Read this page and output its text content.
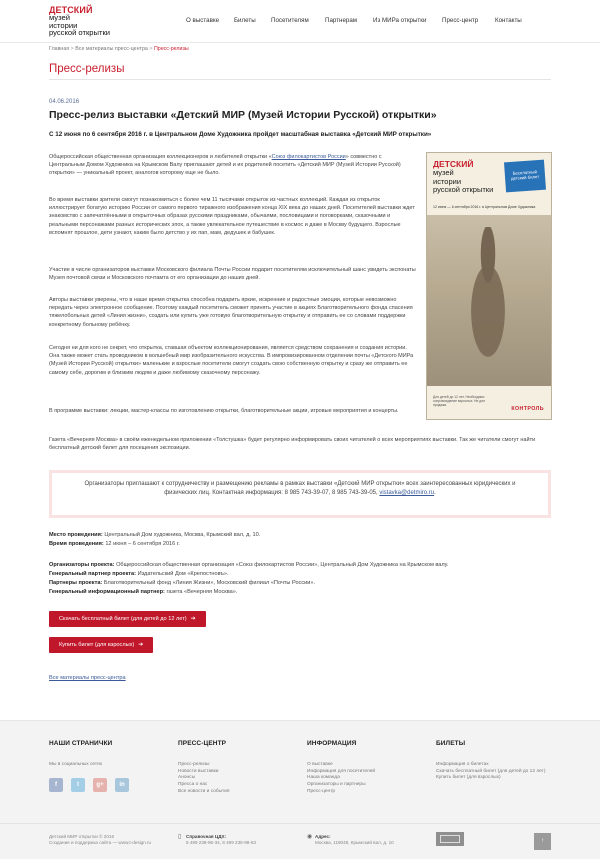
ДЕТСКИЙ
музей
истории
русской открытки
О выставке Билеты Посетителям	Партнерам	Из МИРа открытки	Пресс-центр	Контакты
Главная > Все материалы пресс-центра > Пресс-релизы
Пресс-релизы
04.06.2016
Пресс-релиз выставки «Детский МИР (Музей Истории Русской) открытки»
С 12 июня по 6 сентября 2016 г. в Центральном Доме Художника пройдет масштабная выставка «Детский МИР открытки»
Общероссийская общественная организация коллекционеров и любителей открытки «Союз филокартистов России» совместно с Центральным Домом Художника на Крымском Валу приглашают детей и их родителей посетить «Детский МИР (Музей Истории Русской) открытки» — уникальный проект, аналогов которому еще не было.
Во время выставки зрители смогут познакомиться с более чем 11 тысячами открыток из частных коллекций. Каждая из открыток иллюстрирует богатую историю России от самого первого тиражного изображения конца XIX века до наших дней. Посетителей выставки ждет знакомство с запечатлёнными в открыточных образах русскими праздниками, обычаями, пословицами и поговорками, сказочными и реальными персонажами разных исторических эпох, а также увлекательное путешествие в космос и даже в Москву будущего. Взрослые вспомнят прошлое, дети узнают, каким было детство у их пап, мам, дедушек и бабушек.
Участие в числе организаторов выставки Московского филиала Почты России подарит посетителям исключительный шанс увидеть экспонаты Музея почтовой связи и Московского почтамта от его организации до наших дней.
Авторы выставки уверены, что в наше время открытка способна подарить яркие, искренние и радостные эмоции, которые невозможно передать через электронное сообщение. Поэтому каждый посетитель сможет принять участие в акциях Благотворительного фонда спасения тяжелобольных детей «Линия жизни», создать или купить уже готовую благотворительную открытку и отправить ее со словами поддержки конкретному больному ребёнку.
Сегодня ни для кого не секрет, что открытка, ставшая объектом коллекционирования, является средством сохранения и создания истории. Она также может стать проводником в волшебный мир изобразительного искусства. В импровизированном отделении почты «Детского МИРа (Музей Истории Русской) открытки» маленькие и взрослые посетители смогут создать свою собственную открытку и сразу же отправить ее самому себе, дорогим и близким людям и даже любимому сказочному персонажу.
В программе выставки: лекции, мастер-классы по изготовлению открытки, благотворительные акции, игровые мероприятия и концерты.
Газета «Вечерняя Москва» в своём еженедельном приложении «Толстушка» будет регулярно информировать своих читателей о всех мероприятиях выставки. Так же читатели смогут найти бесплатный детский билет для посещения экспозиции.
ДЕТСКИЙ
музей
истории
русской открытки
Бесплатный детский билет
12 июня — 6 сентября 2016 г. в Центральном Доме Художника
Для детей до 12 лет. Необходимо сопровождение взрослых. Не для продажи.
КОНТРОЛЬ
Организаторы приглашают к сотрудничеству и размещению рекламы в рамках выставки «Детский МИР открытки» всех заинтересованных юридических и физических лиц. Контактная информация: 8 985 743-39-07, 8 985 743-39-05, vistavka@detmiro.ru.
Место проведения: Центральный Дом художника, Москва, Крымский вал, д. 10.
Время проведения: 12 июня – 6 сентября 2016 г.
Организаторы проекта: Общероссийская общественная организация «Союз филокартистов России», Центральный Дом Художника на Крымском валу.
Генеральный партнер проекта: Издательский Дом «Крепостновъ».
Партнеры проекта: Благотворительный фонд «Линия Жизни», Московский филиал «Почты России».
Генеральный информационный партнер: газета «Вечерняя Москва».
Скачать бесплатный билет (для детей до 12 лет) ➔
Купить билет (для взрослых) ➔
Все материалы пресс-центра
НАШИ СТРАНИЧКИ
Мы в социальных сетях
f	t	g+	in
ПРЕСС-ЦЕНТР
Пресс-релизы
Новости выставки
Анонсы
Пресса о нас
Все новости и события
ИНФОРМАЦИЯ
О выставке
Информация для посетителей
Наша команда
Организаторы и партнеры
Пресс-центр
БИЛЕТЫ
Информация о билетах
Скачать бесплатный билет (для детей до 12 лет)
Купить билет (для взрослых)
Детский МИР открытки © 2016
Создание и поддержка сайта — www.t-design.ru
▯	Справочная ЦДХ:
8 499 238-96-34, 8 499 238-98-63
◉ Адрес:
Москва, 119049, Крымский вал, д. 10	↑
